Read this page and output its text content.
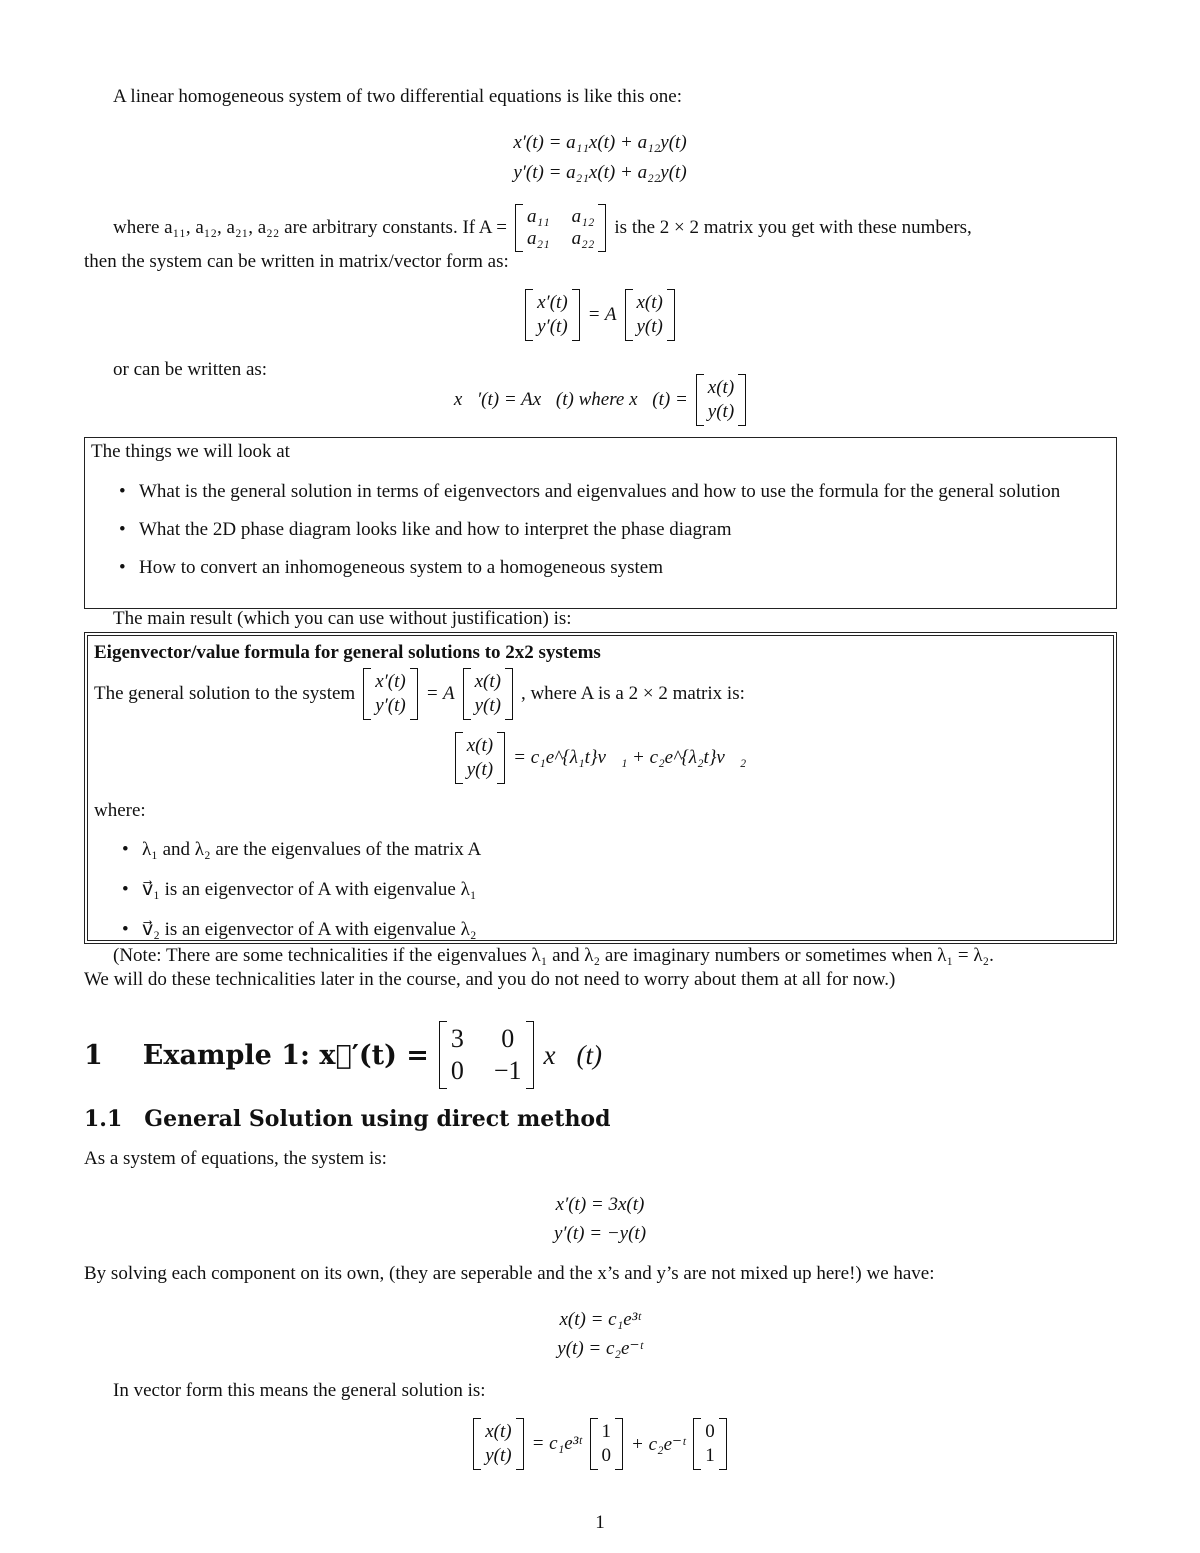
A linear homogeneous system of two differential equations is like this one:

x′(t) = a₁₁x(t) + a₁₂y(t)
y′(t) = a₂₁x(t) + a₂₂y(t)
where a₁₁, a₁₂, a₂₁, a₂₂ are arbitrary constants. If A =
a₁₁ a₁₂
a₂₁ a₂₂
is the 2 × 2 matrix you get with these numbers,

then the system can be written in matrix/vector form as:

x′(t)
y′(t)
= A
x(t)
y(t)

or can be written as:

x⃗′(t) = Ax⃗(t) where x⃗(t) =
x(t)
y(t)

The things we will look at

• What is the general solution in terms of eigenvectors and eigenvalues and how to use the formula for the general solution
• What the 2D phase diagram looks like and how to interpret the phase diagram
• How to convert an inhomogeneous system to a homogeneous system

The main result (which you can use without justification) is:

Eigenvector/value formula for general solutions to 2x2 systems

The general solution to the system
x′(t)
y′(t)
= A
x(t)
y(t)
, where A is a 2 × 2 matrix is:
x(t)
y(t)
= c₁e^{λ₁t}v⃗₁ + c₂e^{λ₂t}v⃗₂

where:

• λ₁ and λ₂ are the eigenvalues of the matrix A
• v⃗₁ is an eigenvector of A with eigenvalue λ₁
• v⃗₂ is an eigenvector of A with eigenvalue λ₂

(Note: There are some technicalities if the eigenvalues λ₁ and λ₂ are imaginary numbers or sometimes when λ₁ = λ₂.

We will do these technicalities later in the course, and you do not need to worry about them at all for now.)

1 Example 1: x⃗′(t) =
3 0
0 −1
x⃗(t)
1.1 General Solution using direct method

As a system of equations, the system is:

x′(t) = 3x(t)
y′(t) = −y(t)

By solving each component on its own, (they are seperable and the x’s and y’s are not mixed up here!) we have:

x(t) = c₁e³ᵗ
y(t) = c₂e⁻ᵗ

In vector form this means the general solution is:

x(t)
y(t)
= c₁e³ᵗ
1
0
+ c₂e⁻ᵗ
0
1

1
